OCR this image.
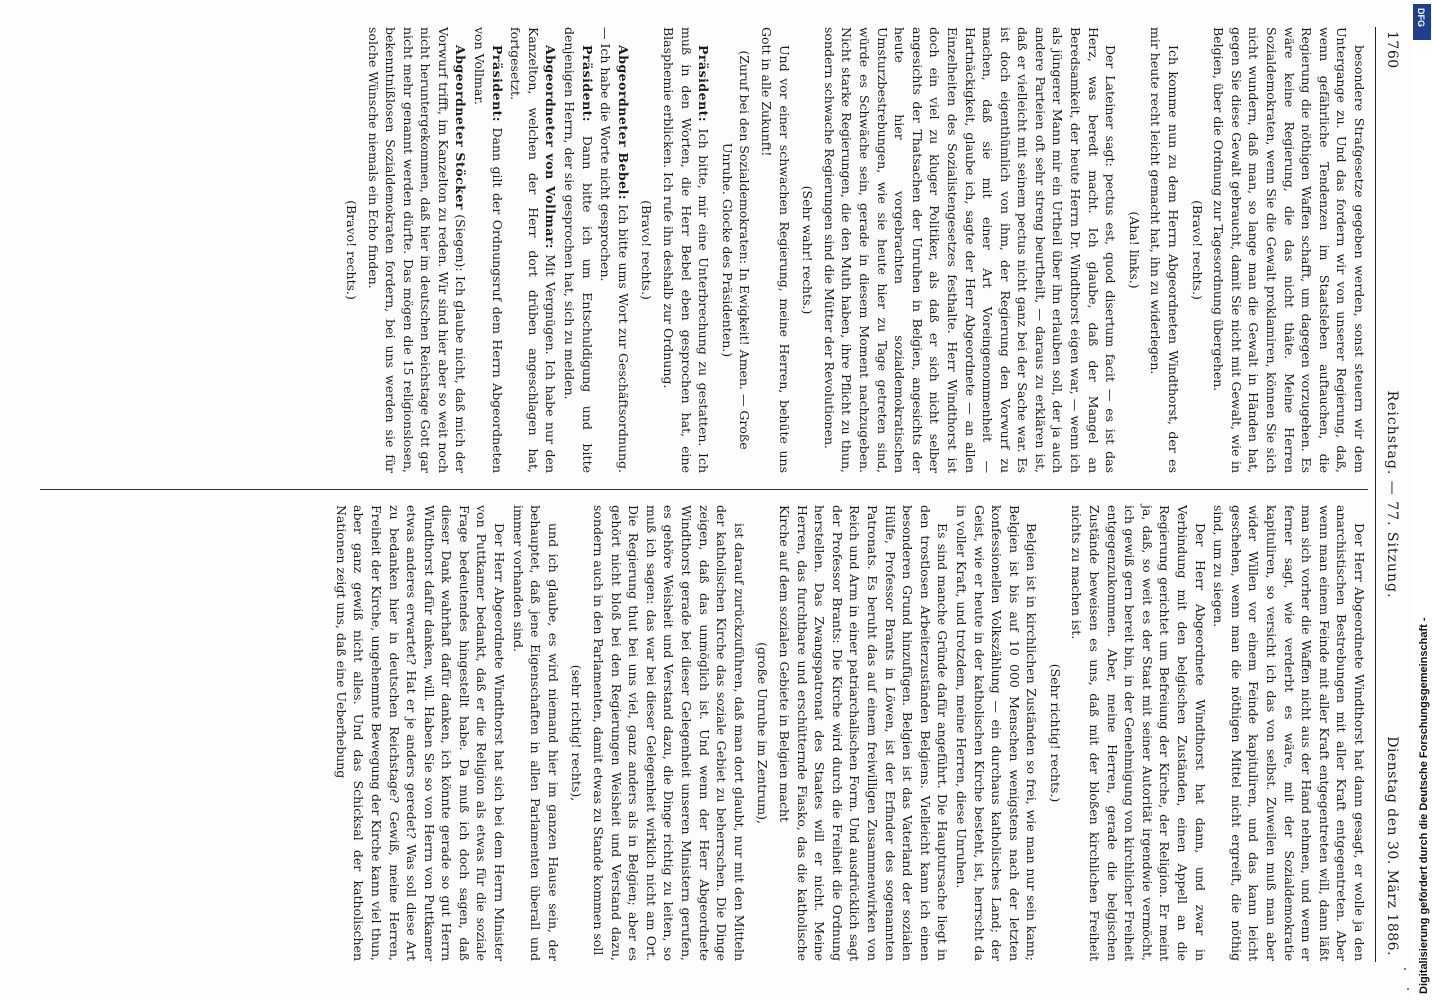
1760
Reichstag. — 77. Sitzung.
Dienstag den 30. März 1886.

besondere Strafgesetze gegeben werden, sonst steuern wir dem Untergange zu. Und das fordern wir von unserer Regierung, daß, wenn gefährliche Tendenzen im Staatsleben auftauchen, die Regierung die nöthigen Waffen schafft, um dagegen vorzugehen. Es wäre keine Regierung, die das nicht thäte. Meine Herren Sozialdemokraten, wenn Sie die Gewalt proklamiren, können Sie sich nicht wundern, daß man, so lange man die Gewalt in Händen hat, gegen Sie diese Gewalt gebraucht, damit Sie nicht mit Gewalt, wie in Belgien, über die Ordnung zur Tagesordnung übergehen.

(Bravo! rechts.)

Ich komme nun zu dem Herrn Abgeordneten Windthorst, der es mir heute recht leicht gemacht hat, ihn zu widerlegen.

(Aha! links.)

Der Lateiner sagt: pectus est, quod disertum facit — es ist das Herz, was beredt macht. Ich glaube, daß der Mangel an Beredsamkeit, der heute Herrn Dr. Windthorst eigen war, — wenn ich als jüngerer Mann mir ein Urtheil über ihn erlauben soll, der ja auch andere Parteien oft sehr streng beurtheilt, — daraus zu erklären ist, daß er vielleicht mit seinem pectus nicht ganz bei der Sache war. Es ist doch eigenthümlich von ihm, der Regierung den Vorwurf zu machen, daß sie mit einer Art Voreingenommenheit — Hartnäckigkeit, glaube ich, sagte der Herr Abgeordnete — an allen Einzelheiten des Sozialistengesetzes festhalte. Herr Windthorst ist doch ein viel zu kluger Politiker, als daß er sich nicht selber angesichts der Thatsachen der Unruhen in Belgien, angesichts der heute hier vorgebrachten sozialdemokratischen Umsturzbestrebungen, wie sie heute hier zu Tage getreten sind, würde es Schwäche sein, gerade in diesem Moment nachzugeben. Nicht starke Regierungen, die den Muth haben, ihre Pflicht zu thun, sondern schwache Regierungen sind die Mütter der Revolutionen.

(Sehr wahr! rechts.)

Und vor einer schwachen Regierung, meine Herren, behüte uns Gott in alle Zukunft!

(Zuruf bei den Sozialdemokraten: In Ewigkeit! Amen. — Große Unruhe. Glocke des Präsidenten.)

Präsident: Ich bitte, mir eine Unterbrechung zu gestatten. Ich muß in den Worten, die Herr Bebel eben gesprochen hat, eine Blasphemie erblicken. Ich rufe ihn deshalb zur Ordnung.

(Bravo! rechts.)

Abgeordneter Bebel: Ich bitte ums Wort zur Geschäftsordnung. — Ich habe die Worte nicht gesprochen.

Präsident: Dann bitte ich um Entschuldigung und bitte denjenigen Herrn, der sie gesprochen hat, sich zu melden.

Abgeordneter von Vollmar: Mit Vergnügen. Ich habe nur den Kanzelton, welchen der Herr dort drüben angeschlagen hat, fortgesetzt.

Präsident: Dann gilt der Ordnungsruf dem Herrn Abgeordneten von Vollmar.

Abgeordneter Stöcker (Siegen): Ich glaube nicht, daß mich der Vorwurf trifft, im Kanzelton zu reden. Wir sind hier aber so weit noch nicht heruntergekommen, daß hier im deutschen Reichstage Gott gar nicht mehr genannt werden dürfte. Das mögen die 15 religionslosen, bekenntnißlosen Sozialdemokraten fordern, bei uns werden sie für solche Wünsche niemals ein Echo finden.

(Bravo! rechts.)

Der Herr Abgeordnete Windthorst hat dann gesagt, er wolle ja den anarchistischen Bestrebungen mit aller Kraft entgegentreten. Aber wenn man einem Feinde mit aller Kraft entgegentreten will, dann läßt man sich vorher die Waffen nicht aus der Hand nehmen, und wenn er ferner sagt, wie verderbt es wäre, mit der Sozialdemokratie kapituliren, so versicht ich das von selbst. Zuweilen muß man aber wider Willen vor einem Feinde kapituliren, und das kann leicht geschehen, wenn man die nöthigen Mittel nicht ergreift, die nöthig sind, um zu siegen.

Der Herr Abgeordnete Windthorst hat dann, und zwar in Verbindung mit den belgischen Zuständen, einen Appell an die Regierung gerichtet um Befreiung der Kirche, der Religion. Er meint ja, daß, so weit es der Staat mit seiner Autorität irgendwie vermöcht, ich gewiß gern bereit bin, in der Genehmigung von kirchlicher Freiheit entgegenzukommen. Aber, meine Herren, gerade die belgischen Zustände beweisen es uns, daß mit der bloßen kirchlichen Freiheit nichts zu machen ist.

(Sehr richtig! rechts.)

Belgien ist in kirchlichen Zuständen so frei, wie man nur sein kann; Belgien ist bis auf 10 000 Menschen wenigstens nach der letzten konfessionellen Volkszählung — ein durchaus katholisches Land; der Geist, wie er heute in der katholischen Kirche besteht, ist, herrscht da in voller Kraft, und trotzdem, meine Herren, diese Unruhen.

Es sind manche Gründe dafür angeführt. Die Hauptursache liegt in den trostlosen Arbeiterzuständen Belgiens. Vielleicht kann ich einen besonderen Grund hinzufügen. Belgien ist das Vaterland der sozialen Hülfe, Professor Brants in Löwen, ist der Erfinder des sogenannten Patronats. Es beruht das auf einem freiwilligen Zusammenwirken von Reich und Arm in einer patriarchalischen Form. Und ausdrücklich sagt der Professor Brants: Die Kirche wird durch die Freiheit die Ordnung herstellen. Das Zwangspatronat des Staates will er nicht. Meine Herren, das furchtbare und erschütternde Fiasko, das die katholische Kirche auf dem sozialen Gebiete in Belgien macht

(große Unruhe im Zentrum),

ist darauf zurückzuführen, daß man dort glaubt, nur mit den Mitteln der katholischen Kirche das soziale Gebiet zu beherrschen. Die Dinge zeigen, daß das unmöglich ist. Und wenn der Herr Abgeordnete Windthorst gerade bei dieser Gelegenheit unseren Ministern gerufen, es gehöre Weisheit und Verstand dazu, die Dinge richtig zu leiten, so muß ich sagen: das war bei dieser Gelegenheit wirklich nicht am Ort. Die Regierung thut bei uns viel, ganz anders als in Belgien; aber es gehört nicht bloß bei den Regierungen Weisheit und Verstand dazu, sondern auch in den Parlamenten, damit etwas zu Stande kommen soll

(sehr richtig! rechts),

und ich glaube, es wird niemand hier im ganzen Hause sein, der behauptet, daß jene Eigenschaften in allen Parlamenten überall und immer vorhanden sind.

Der Herr Abgeordnete Windthorst hat sich bei dem Herrn Minister von Puttkamer bedankt, daß er die Religion als etwas für die soziale Frage bedeutendes hingestellt habe. Da muß ich doch sagen, daß dieser Dank wahrhaft dafür danken, ich könnte gerade so gut Herrn Windthorst dafür danken, will. Haben Sie so von Herrn von Puttkamer etwas anderes erwartet? Hat er je anders geredet? Was soll diese Art zu bedanken hier in deutschen Reichstage? Gewiß, meine Herren, Freiheit der Kirche, ungehemmte Bewegung der Kirche kann viel thun, aber ganz gewiß nicht alles. Und das Schicksal der katholischen Nationen zeigt uns, daß eine Ueberhebung

DFG
Digitalisierung gefördert durch die Deutsche Forschungsgemeinschaft -
